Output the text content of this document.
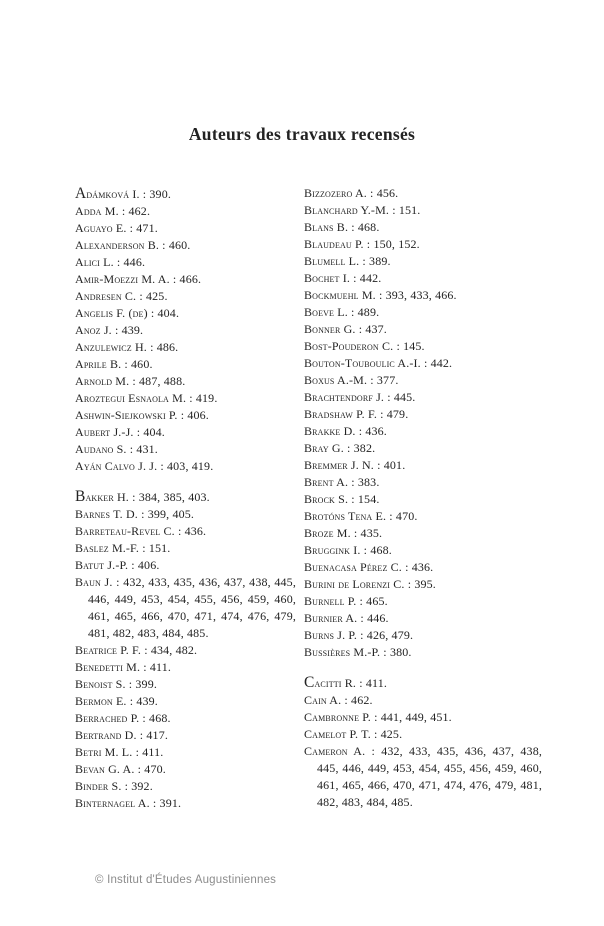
Auteurs des travaux recensés
Adámková I. : 390.
Adda M. : 462.
Aguayo E. : 471.
Alexanderson B. : 460.
Alici L. : 446.
Amir-Moezzi M. A. : 466.
Andresen C. : 425.
Angelis F. (de) : 404.
Anoz J. : 439.
Anzulewicz H. : 486.
Aprile B. : 460.
Arnold M. : 487, 488.
Aroztegui Esnaola M. : 419.
Ashwin-Siejkowski P. : 406.
Aubert J.-J. : 404.
Audano S. : 431.
Ayán Calvo J. J. : 403, 419.
Bakker H. : 384, 385, 403.
Barnes T. D. : 399, 405.
Barreteau-Revel C. : 436.
Baslez M.-F. : 151.
Batut J.-P. : 406.
Baun J. : 432, 433, 435, 436, 437, 438, 445, 446, 449, 453, 454, 455, 456, 459, 460, 461, 465, 466, 470, 471, 474, 476, 479, 481, 482, 483, 484, 485.
Beatrice P. F. : 434, 482.
Benedetti M. : 411.
Benoist S. : 399.
Bermon E. : 439.
Berrached P. : 468.
Bertrand D. : 417.
Betri M. L. : 411.
Bevan G. A. : 470.
Binder S. : 392.
Binternagel A. : 391.
Bizzozero A. : 456.
Blanchard Y.-M. : 151.
Blans B. : 468.
Blaudeau P. : 150, 152.
Blumell L. : 389.
Bochet I. : 442.
Bockmuehl M. : 393, 433, 466.
Boeve L. : 489.
Bonner G. : 437.
Bost-Pouderon C. : 145.
Bouton-Touboulic A.-I. : 442.
Boxus A.-M. : 377.
Brachtendorf J. : 445.
Bradshaw P. F. : 479.
Brakke D. : 436.
Bray G. : 382.
Bremmer J. N. : 401.
Brent A. : 383.
Brock S. : 154.
Brotóns Tena E. : 470.
Broze M. : 435.
Bruggink I. : 468.
Buenacasa Pérez C. : 436.
Burini de Lorenzi C. : 395.
Burnell P. : 465.
Burnier A. : 446.
Burns J. P. : 426, 479.
Bussières M.-P. : 380.
Cacitti R. : 411.
Cain A. : 462.
Cambronne P. : 441, 449, 451.
Camelot P. T. : 425.
Cameron A. : 432, 433, 435, 436, 437, 438, 445, 446, 449, 453, 454, 455, 456, 459, 460, 461, 465, 466, 470, 471, 474, 476, 479, 481, 482, 483, 484, 485.
© Institut d'Études Augustiniennes
